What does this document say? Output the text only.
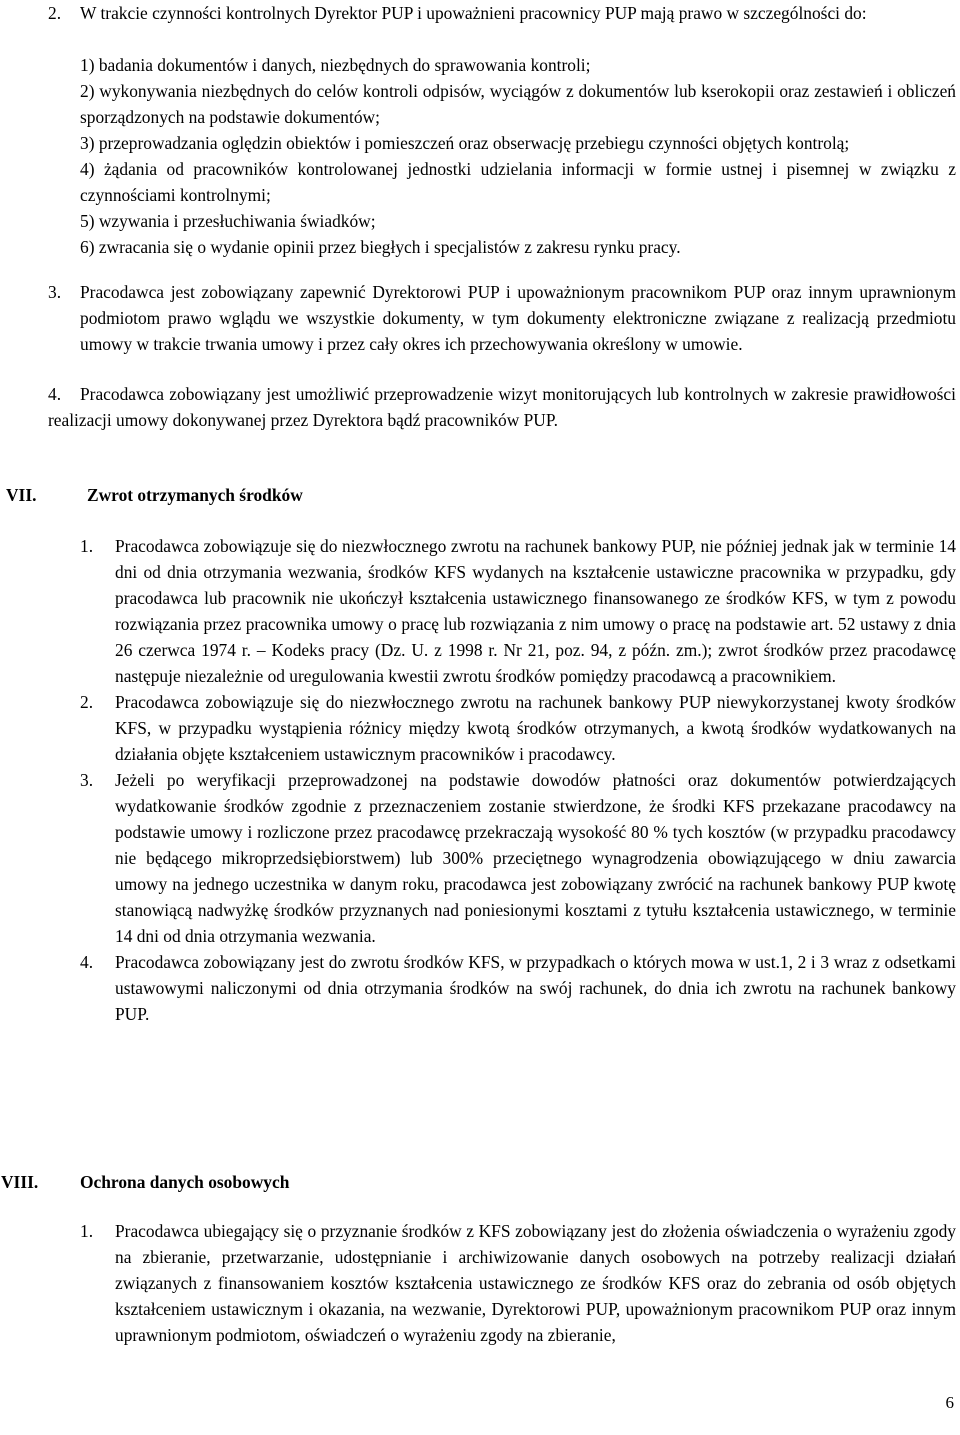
2. W trakcie czynności kontrolnych Dyrektor PUP i upoważnieni pracownicy PUP mają prawo w szczególności do:
1) badania dokumentów i danych, niezbędnych do sprawowania kontroli;
2) wykonywania niezbędnych do celów kontroli odpisów, wyciągów z dokumentów lub kserokopii oraz zestawień i obliczeń sporządzonych na podstawie dokumentów;
3) przeprowadzania oględzin obiektów i pomieszczeń oraz obserwację przebiegu czynności objętych kontrolą;
4) żądania od pracowników kontrolowanej jednostki udzielania informacji w formie ustnej i pisemnej w związku z czynnościami kontrolnymi;
5) wzywania i przesłuchiwania świadków;
6) zwracania się o wydanie opinii przez biegłych i specjalistów z zakresu rynku pracy.
3. Pracodawca jest zobowiązany zapewnić Dyrektorowi PUP i upoważnionym pracownikom PUP oraz innym uprawnionym podmiotom prawo wglądu we wszystkie dokumenty, w tym dokumenty elektroniczne związane z realizacją przedmiotu umowy w trakcie trwania umowy i przez cały okres ich przechowywania określony w umowie.
4.	Pracodawca zobowiązany jest umożliwić przeprowadzenie wizyt monitorujących lub kontrolnych w zakresie prawidłowości realizacji umowy dokonywanej przez Dyrektora bądź pracowników PUP.
VII.	Zwrot otrzymanych środków
1. Pracodawca zobowiązuje się do niezwłocznego zwrotu na rachunek bankowy PUP, nie później jednak jak w terminie 14 dni od dnia otrzymania wezwania, środków KFS wydanych na kształcenie ustawiczne pracownika w przypadku, gdy pracodawca lub pracownik nie ukończył kształcenia ustawicznego finansowanego ze środków KFS, w tym z powodu rozwiązania przez pracownika umowy o pracę lub rozwiązania z nim umowy o pracę na podstawie art. 52 ustawy z dnia 26 czerwca 1974 r. – Kodeks pracy (Dz. U. z 1998 r. Nr 21, poz. 94, z późn. zm.); zwrot środków przez pracodawcę następuje niezależnie od uregulowania kwestii zwrotu środków pomiędzy pracodawcą a pracownikiem.
2. Pracodawca zobowiązuje się do niezwłocznego zwrotu na rachunek bankowy PUP niewykorzystanej kwoty środków KFS, w przypadku wystąpienia różnicy między kwotą środków otrzymanych, a kwotą środków wydatkowanych na działania objęte kształceniem ustawicznym pracowników i pracodawcy.
3. Jeżeli po weryfikacji przeprowadzonej na podstawie dowodów płatności oraz dokumentów potwierdzających wydatkowanie środków zgodnie z przeznaczeniem zostanie stwierdzone, że środki KFS przekazane pracodawcy na podstawie umowy i rozliczone przez pracodawcę przekraczają wysokość 80 % tych kosztów (w przypadku pracodawcy nie będącego mikroprzedsiębiorstwem) lub 300% przeciętnego wynagrodzenia obowiązującego w dniu zawarcia umowy na jednego uczestnika w danym roku, pracodawca jest zobowiązany zwrócić na rachunek bankowy PUP kwotę stanowiącą nadwyżkę środków przyznanych nad poniesionymi kosztami z tytułu kształcenia ustawicznego, w terminie 14 dni od dnia otrzymania wezwania.
4. Pracodawca zobowiązany jest do zwrotu środków KFS, w przypadkach o których mowa w ust.1, 2 i 3 wraz z odsetkami ustawowymi naliczonymi od dnia otrzymania środków na swój rachunek, do dnia ich zwrotu na rachunek bankowy PUP.
VIII. Ochrona danych osobowych
1. Pracodawca ubiegający się o przyznanie środków z KFS zobowiązany jest do złożenia oświadczenia o wyrażeniu zgody na zbieranie, przetwarzanie, udostępnianie i archiwizowanie danych osobowych na potrzeby realizacji działań związanych z finansowaniem kosztów kształcenia ustawicznego ze środków KFS oraz do zebrania od osób objętych kształceniem ustawicznym i okazania, na wezwanie, Dyrektorowi PUP, upoważnionym pracownikom PUP oraz innym uprawnionym podmiotom, oświadczeń o wyrażeniu zgody na zbieranie,
6
